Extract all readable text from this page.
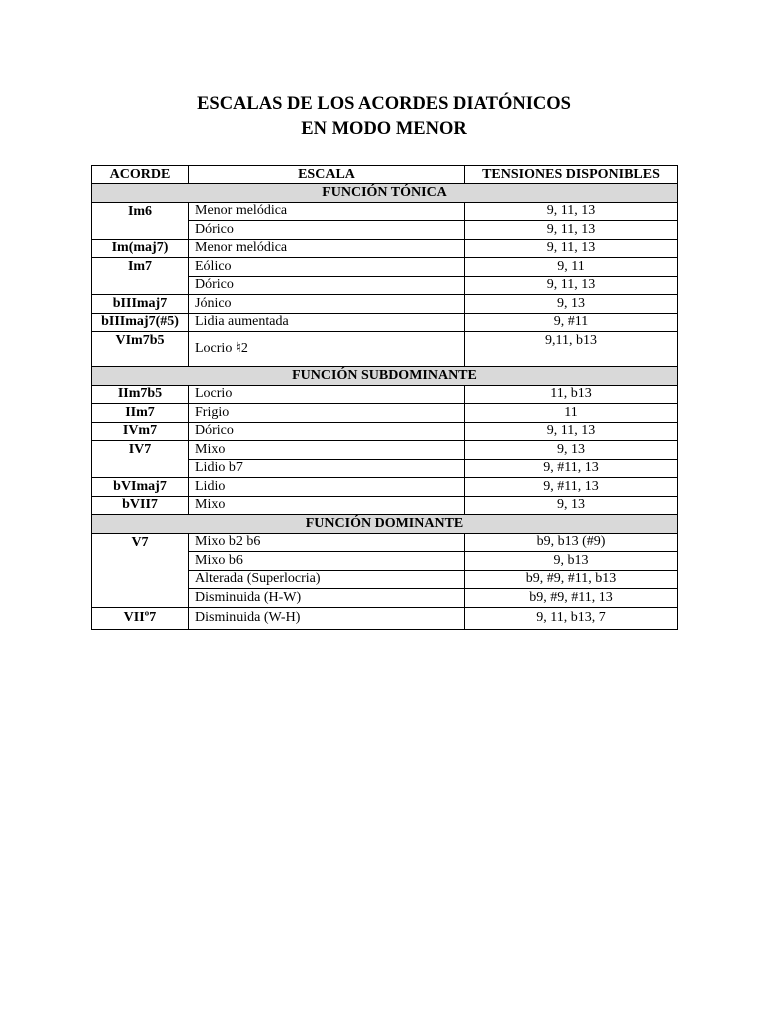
ESCALAS DE LOS ACORDES DIATÓNICOS
EN MODO MENOR
ACORDE	ESCALA	TENSIONES DISPONIBLES
FUNCIÓN TÓNICA		
Im6	Menor melódica	9, 11, 13
	Dórico	9, 11, 13
Im(maj7)	Menor melódica	9, 11, 13
Im7	Eólico	9, 11
	Dórico	9, 11, 13
bIIImaj7	Jónico	9, 13
bIIImaj7(#5)	Lidia aumentada	9, #11
VIm7b5	Locrio ♮2	9,11, b13
FUNCIÓN SUBDOMINANTE		
IIm7b5	Locrio	11, b13
IIm7	Frigio	11
IVm7	Dórico	9, 11, 13
IV7	Mixo	9, 13
	Lidio b7	9, #11, 13
bVImaj7	Lidio	9, #11, 13
bVII7	Mixo	9, 13
FUNCIÓN DOMINANTE		
V7	Mixo b2 b6	b9, b13 (#9)
	Mixo b6	9, b13
	Alterada (Superlocria)	b9, #9, #11, b13
	Disminuida (H-W)	b9, #9, #11, 13
VIIº7	Disminuida (W-H)	9, 11, b13, 7
